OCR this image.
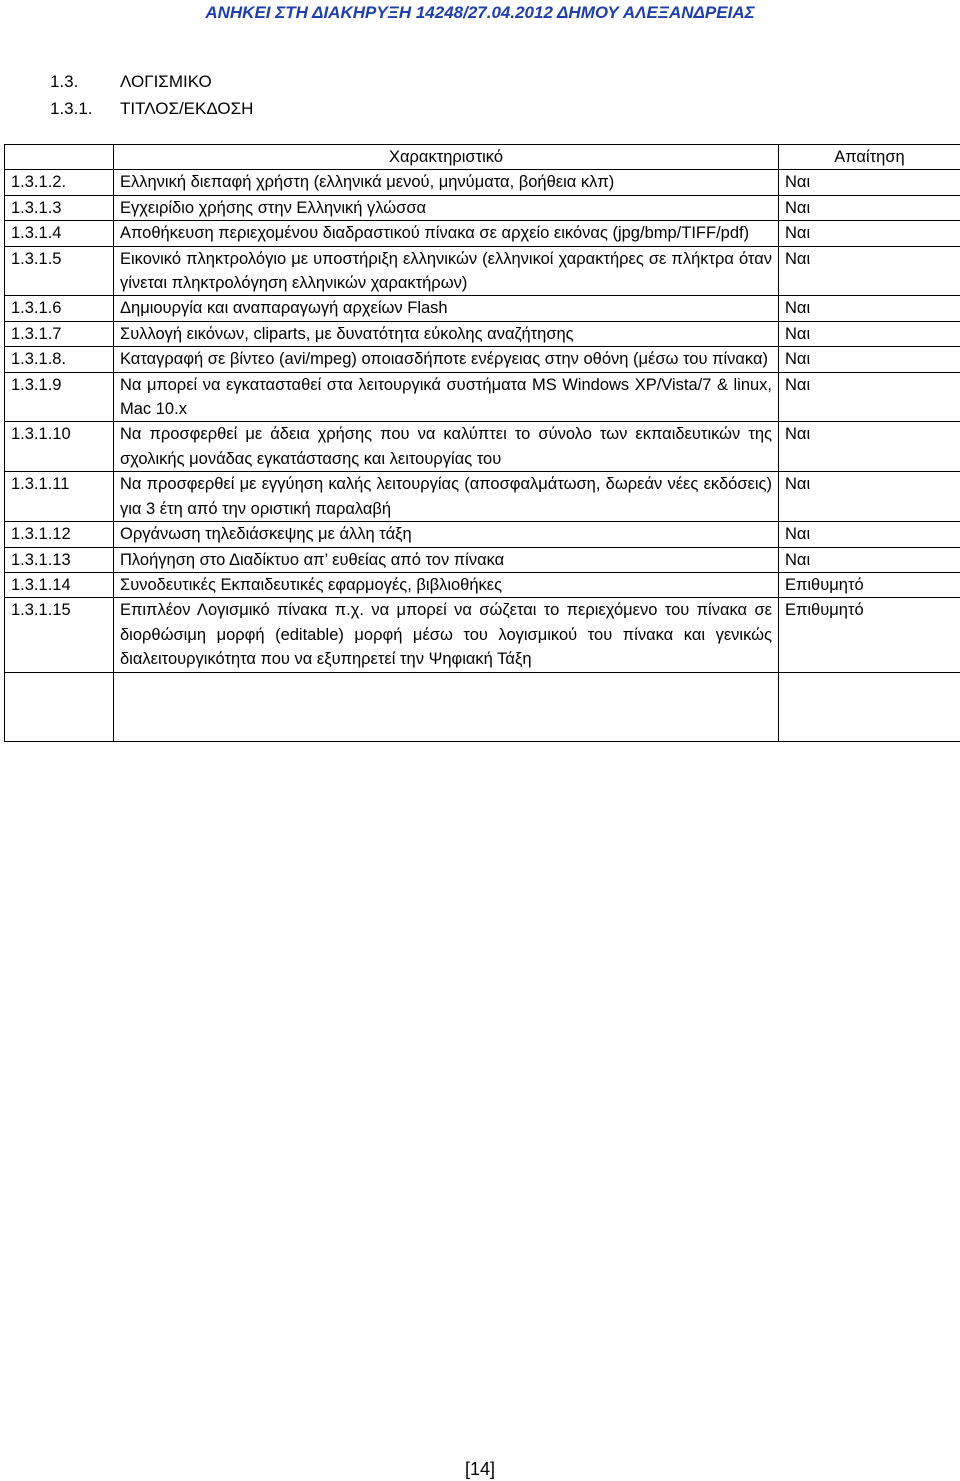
ΑΝΗΚΕΙ ΣΤΗ ΔΙΑΚΗΡΥΞΗ 14248/27.04.2012 ΔΗΜΟΥ ΑΛΕΞΑΝΔΡΕΙΑΣ
1.3.	ΛΟΓΙΣΜΙΚΟ
1.3.1.	ΤΙΤΛΟΣ/ΕΚΔΟΣΗ
	Χαρακτηριστικό	Απαίτηση
1.3.1.2.	Ελληνική διεπαφή χρήστη (ελληνικά μενού, μηνύματα, βοήθεια κλπ)	Ναι
1.3.1.3	Εγχειρίδιο χρήσης στην Ελληνική γλώσσα	Ναι
1.3.1.4	Αποθήκευση περιεχομένου διαδραστικού πίνακα σε αρχείο εικόνας (jpg/bmp/TIFF/pdf)	Ναι
1.3.1.5	Εικονικό πληκτρολόγιο με υποστήριξη ελληνικών (ελληνικοί χαρακτήρες σε πλήκτρα όταν γίνεται πληκτρολόγηση ελληνικών χαρακτήρων)	Ναι
1.3.1.6	Δημιουργία και αναπαραγωγή αρχείων Flash	Ναι
1.3.1.7	Συλλογή εικόνων, cliparts, με δυνατότητα εύκολης αναζήτησης	Ναι
1.3.1.8.	Καταγραφή σε βίντεο (avi/mpeg) οποιασδήποτε ενέργειας στην οθόνη (μέσω του πίνακα)	Ναι
1.3.1.9	Να μπορεί να εγκατασταθεί στα λειτουργικά συστήματα MS Windows XP/Vista/7 & linux, Mac 10.x	Ναι
1.3.1.10	Να προσφερθεί με άδεια χρήσης που να καλύπτει το σύνολο των εκπαιδευτικών της σχολικής μονάδας εγκατάστασης και λειτουργίας του	Ναι
1.3.1.11	Να προσφερθεί με εγγύηση καλής λειτουργίας (αποσφαλμάτωση, δωρεάν νέες εκδόσεις) για 3 έτη από την οριστική παραλαβή	Ναι
1.3.1.12	Οργάνωση τηλεδιάσκεψης με άλλη τάξη	Ναι
1.3.1.13	Πλοήγηση στο Διαδίκτυο απ’ ευθείας από τον πίνακα	Ναι
1.3.1.14	Συνοδευτικές Εκπαιδευτικές εφαρμογές, βιβλιοθήκες	Επιθυμητό
1.3.1.15	Επιπλέον Λογισμικό πίνακα π.χ. να μπορεί να σώζεται το περιεχόμενο του πίνακα σε διορθώσιμη μορφή (editable) μορφή μέσω του λογισμικού του πίνακα και γενικώς διαλειτουργικότητα που να εξυπηρετεί την Ψηφιακή Τάξη	Επιθυμητό

[14]
